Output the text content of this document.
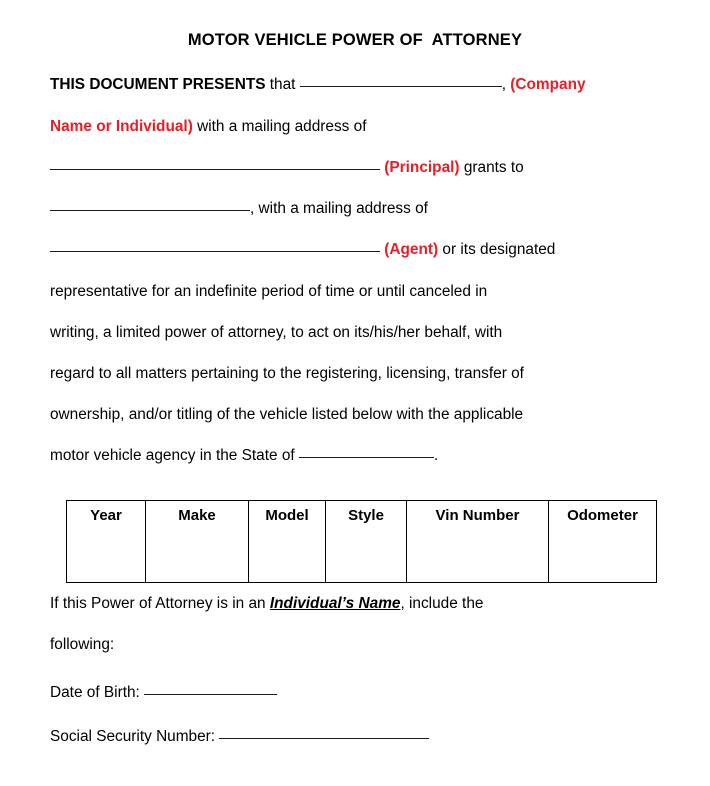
MOTOR VEHICLE POWER OF  ATTORNEY
THIS DOCUMENT PRESENTS that	, (Company
Name or Individual) with a mailing address of
(Principal) grants to
, with a mailing address of
(Agent) or its designated
representative for an indefinite period of time or until canceled in
writing, a limited power of attorney, to act on its/his/her behalf, with
regard to all matters pertaining to the registering, licensing, transfer of
ownership, and/or titling of the vehicle listed below with the applicable
motor vehicle agency in the State of	.
Year	Make	Model	Style	Vin Number	Odometer
If this Power of Attorney is in an Individual’s Name, include the
following:
Date of Birth:
Social Security Number:
